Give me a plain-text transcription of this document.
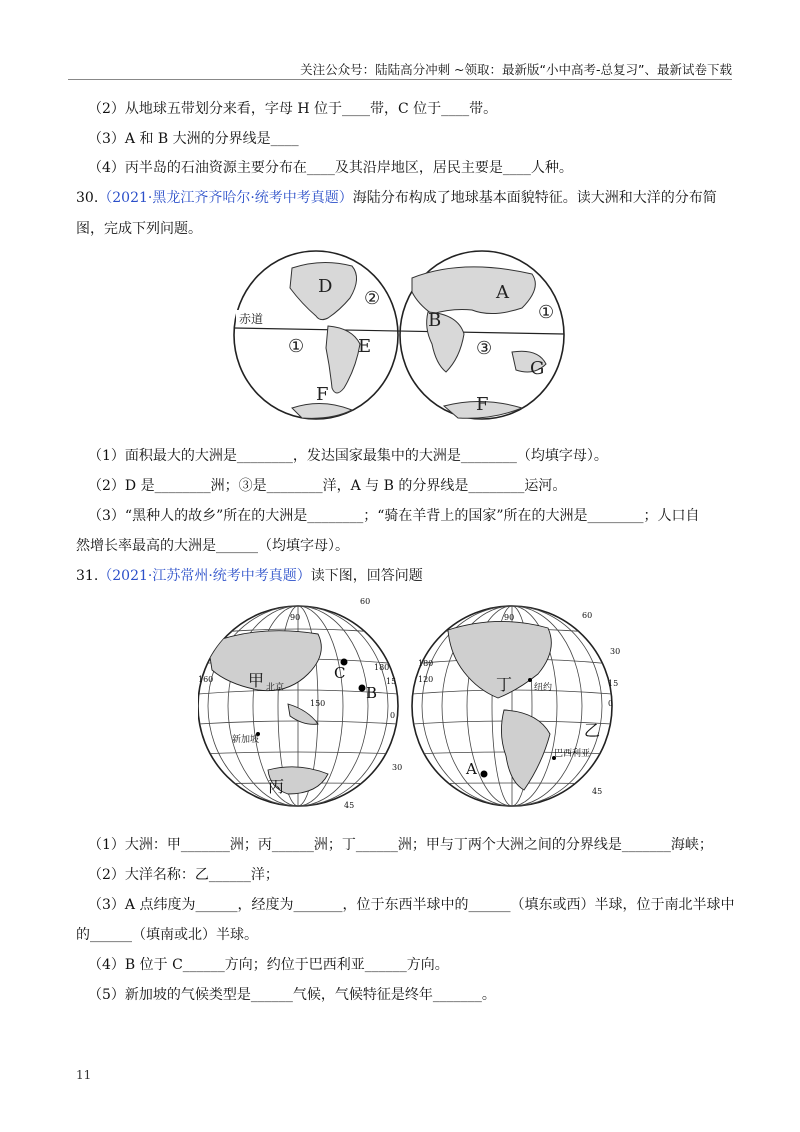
关注公众号：陆陆高分冲刺 ~领取：最新版“小中高考-总复习”、最新试卷下载
（2）从地球五带划分来看，字母 H 位于____带，C 位于____带。
（3）A 和 B 大洲的分界线是____
（4）丙半岛的石油资源主要分布在____及其沿岸地区，居民主要是____人种。
30.（2021·黑龙江齐齐哈尔·统考中考真题）海陆分布构成了地球基本面貌特征。读大洲和大洋的分布简
图，完成下列问题。
赤道
D
②
①	E
F
A
B	①
③
G
F
（1）面积最大的大洲是________，发达国家最集中的大洲是________（均填字母）。
（2）D 是________洲；③是________洋，A 与 B 的分界线是________运河。
（3）“黑种人的故乡”所在的大洲是________；“骑在羊背上的国家”所在的大洲是________；人口自
然增长率最高的大洲是______（均填字母）。
31.（2021·江苏常州·统考中考真题）读下图，回答问题
甲 北京
C
B
新加坡
丙
90
60
150
180
30
45
15
0
160	丁 纽约
乙
巴西利亚
A
90	60
180
120
30
45
0
15
（1）大洲：甲_______洲；丙______洲；丁______洲；甲与丁两个大洲之间的分界线是_______海峡；
（2）大洋名称：乙______洋；
（3）A 点纬度为______，经度为_______，位于东西半球中的______（填东或西）半球，位于南北半球中
的______（填南或北）半球。
（4）B 位于 C______方向；约位于巴西利亚______方向。
（5）新加坡的气候类型是______气候，气候特征是终年_______。
11
